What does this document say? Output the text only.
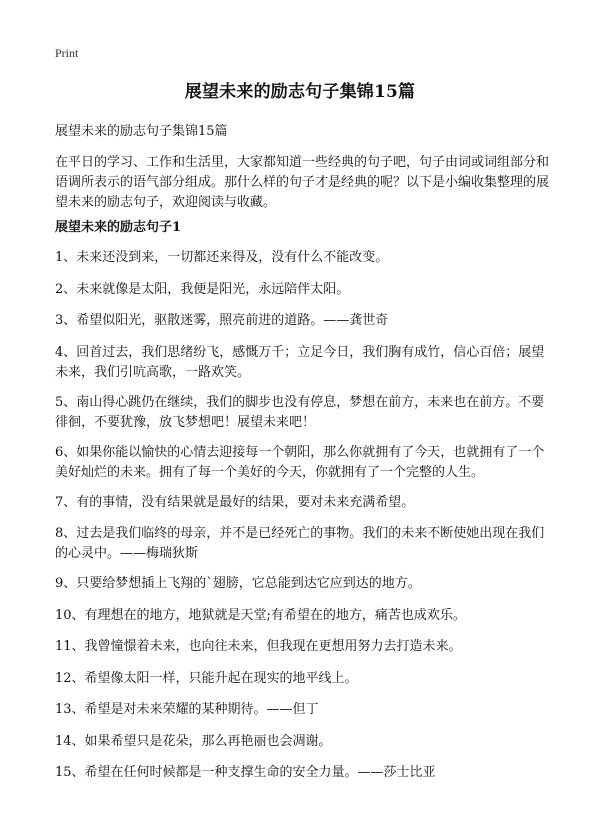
Print
展望未来的励志句子集锦15篇
展望未来的励志句子集锦15篇
在平日的学习、工作和生活里，大家都知道一些经典的句子吧，句子由词或词组部分和语调所表示的语气部分组成。那什么样的句子才是经典的呢？以下是小编收集整理的展望未来的励志句子，欢迎阅读与收藏。
展望未来的励志句子1
1、未来还没到来，一切都还来得及，没有什么不能改变。
2、未来就像是太阳，我便是阳光，永远陪伴太阳。
3、希望似阳光，驱散迷雾，照亮前进的道路。——龚世奇
4、回首过去，我们思绪纷飞，感慨万千；立足今日，我们胸有成竹，信心百倍；展望未来，我们引吭高歌，一路欢笑。
5、南山得心跳仍在继续，我们的脚步也没有停息，梦想在前方，未来也在前方。不要徘徊，不要犹豫，放飞梦想吧！展望未来吧！
6、如果你能以愉快的心情去迎接每一个朝阳，那么你就拥有了今天，也就拥有了一个美好灿烂的未来。拥有了每一个美好的今天，你就拥有了一个完整的人生。
7、有的事情，没有结果就是最好的结果，要对未来充满希望。
8、过去是我们临终的母亲，并不是已经死亡的事物。我们的未来不断使她出现在我们的心灵中。——梅瑞狄斯
9、只要给梦想插上飞翔的`翅膀，它总能到达它应到达的地方。
10、有理想在的地方，地狱就是天堂;有希望在的地方，痛苦也成欢乐。
11、我曾憧憬着未来，也向往未来，但我现在更想用努力去打造未来。
12、希望像太阳一样，只能升起在现实的地平线上。
13、希望是对未来荣耀的某种期待。——但丁
14、如果希望只是花朵，那么再艳丽也会凋谢。
15、希望在任何时候都是一种支撑生命的安全力量。——莎士比亚
